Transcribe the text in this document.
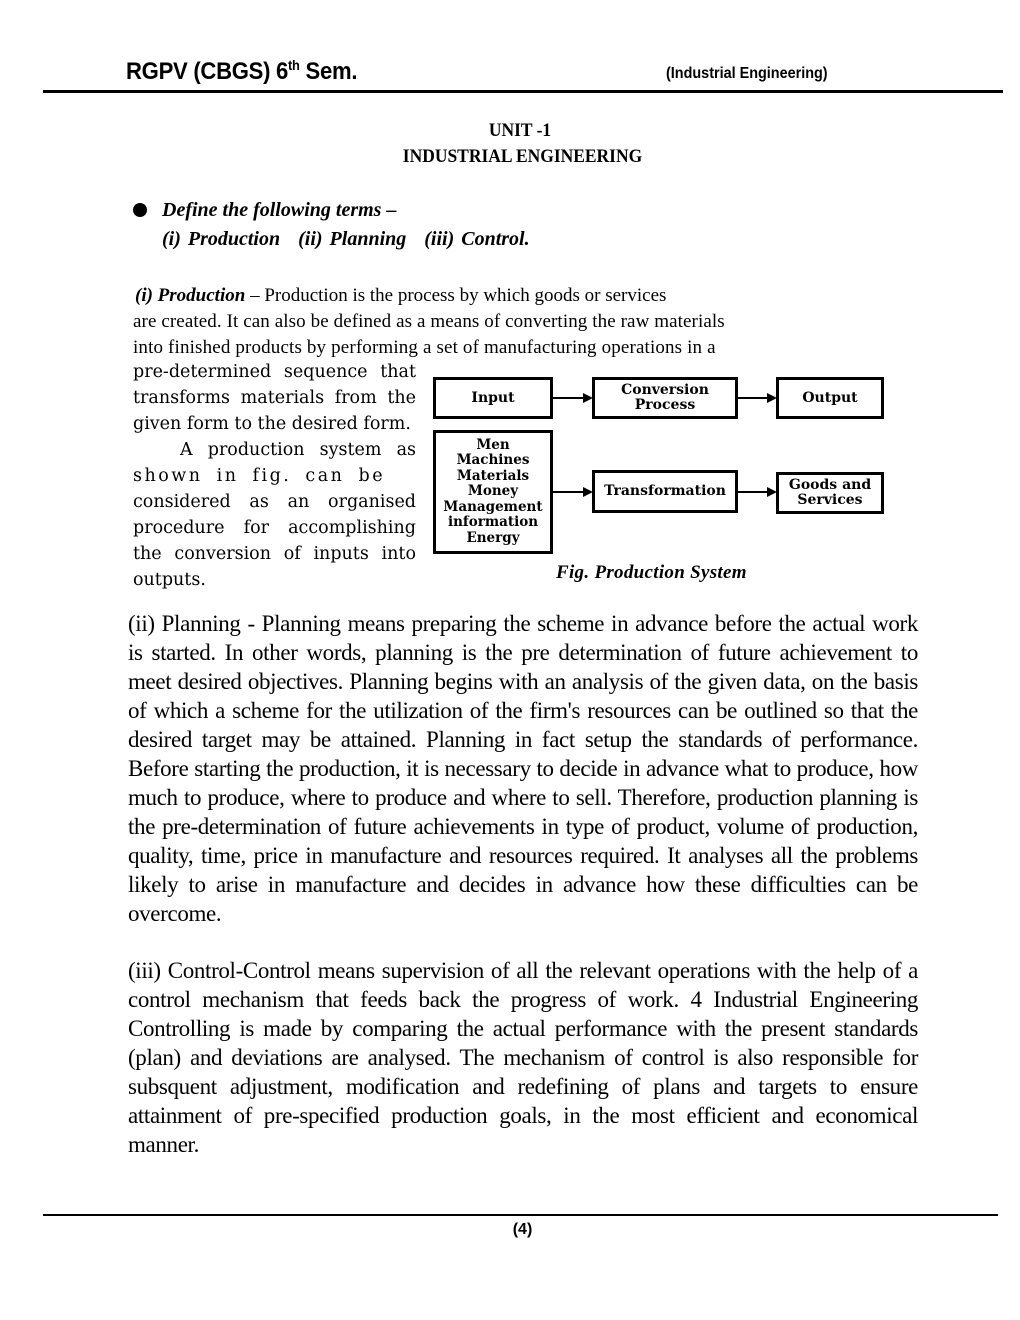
RGPV (CBGS) 6th Sem.	(Industrial Engineering)
UNIT -1
INDUSTRIAL ENGINEERING
Define the following terms –
(i) Production (ii) Planning (iii) Control.
(i) Production – Production is the process by which goods or services
are created. It can also be defined as a means of converting the raw materials
into finished products by performing a set of manufacturing operations in a
pre-determined sequence that
transforms materials from the
given form to the desired form.
A production system as
shown in fig. can be
considered as an organised
procedure for accomplishing
the conversion of inputs into
outputs.
Input	Conversion
Process	Output
Men
Machines
Materials
Money
Management
information
Energy
Transformation	Goods and
Services
Fig. Production System
(ii) Planning - Planning means preparing the scheme in advance before the actual work is started. In other words, planning is the pre determination of future achievement to meet desired objectives. Planning begins with an analysis of the given data, on the basis of which a scheme for the utilization of the firm's resources can be outlined so that the desired target may be attained. Planning in fact setup the standards of performance. Before starting the production, it is necessary to decide in advance what to produce, how much to produce, where to produce and where to sell. Therefore, production planning is the pre-determination of future achievements in type of product, volume of production, quality, time, price in manufacture and resources required. It analyses all the problems likely to arise in manufacture and decides in advance how these difficulties can be overcome.
(iii) Control-Control means supervision of all the relevant operations with the help of a control mechanism that feeds back the progress of work. 4 Industrial Engineering Controlling is made by comparing the actual performance with the present standards (plan) and deviations are analysed. The mechanism of control is also responsible for subsquent adjustment, modification and redefining of plans and targets to ensure attainment of pre-specified production goals, in the most efficient and economical manner.
(4)
